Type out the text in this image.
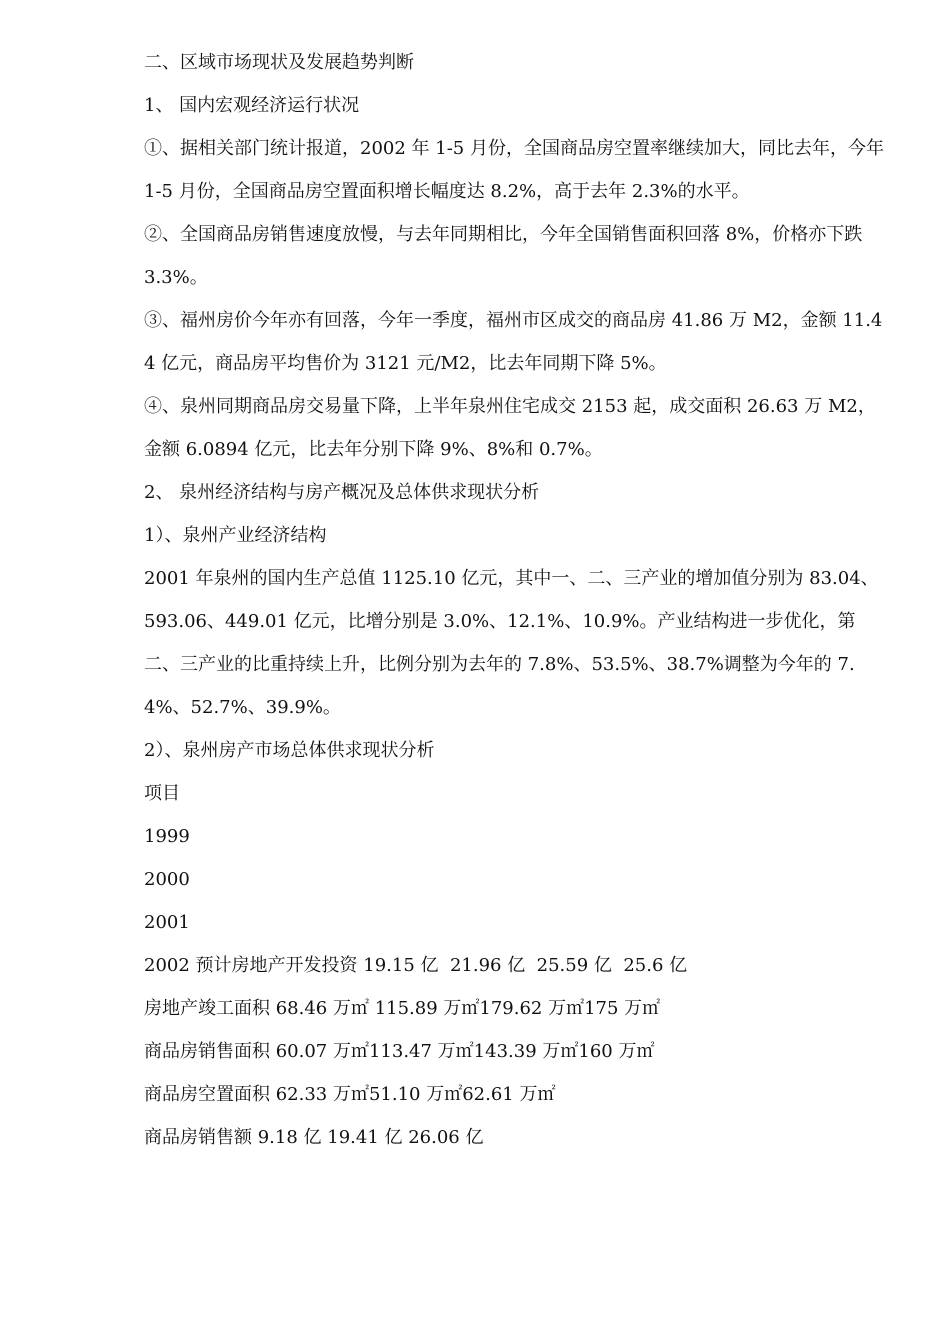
二、区域市场现状及发展趋势判断

1、 国内宏观经济运行状况

①、据相关部门统计报道，2002 年 1-5 月份，全国商品房空置率继续加大，同比去年，今年 1-5 月份，全国商品房空置面积增长幅度达 8.2%，高于去年 2.3%的水平。

②、全国商品房销售速度放慢，与去年同期相比，今年全国销售面积回落 8%，价格亦下跌 3.3%。

③、福州房价今年亦有回落，今年一季度，福州市区成交的商品房 41.86 万 M2，金额 11.44 亿元，商品房平均售价为 3121 元/M2，比去年同期下降 5%。

④、泉州同期商品房交易量下降，上半年泉州住宅成交 2153 起，成交面积 26.63 万 M2，金额 6.0894 亿元，比去年分别下降 9%、8%和 0.7%。

2、 泉州经济结构与房产概况及总体供求现状分析

1）、泉州产业经济结构

2001 年泉州的国内生产总值 1125.10 亿元，其中一、二、三产业的增加值分别为 83.04、593.06、449.01 亿元，比增分别是 3.0%、12.1%、10.9%。产业结构进一步优化，第二、三产业的比重持续上升，比例分别为去年的 7.8%、53.5%、38.7%调整为今年的 7.4%、52.7%、39.9%。

2）、泉州房产市场总体供求现状分析

项目

1999

2000

2001

2002 预计房地产开发投资 19.15 亿  21.96 亿  25.59 亿  25.6 亿

房地产竣工面积 68.46 万㎡ 115.89 万㎡179.62 万㎡175 万㎡

商品房销售面积 60.07 万㎡113.47 万㎡143.39 万㎡160 万㎡

商品房空置面积 62.33 万㎡51.10 万㎡62.61 万㎡

商品房销售额 9.18 亿 19.41 亿 26.06 亿
